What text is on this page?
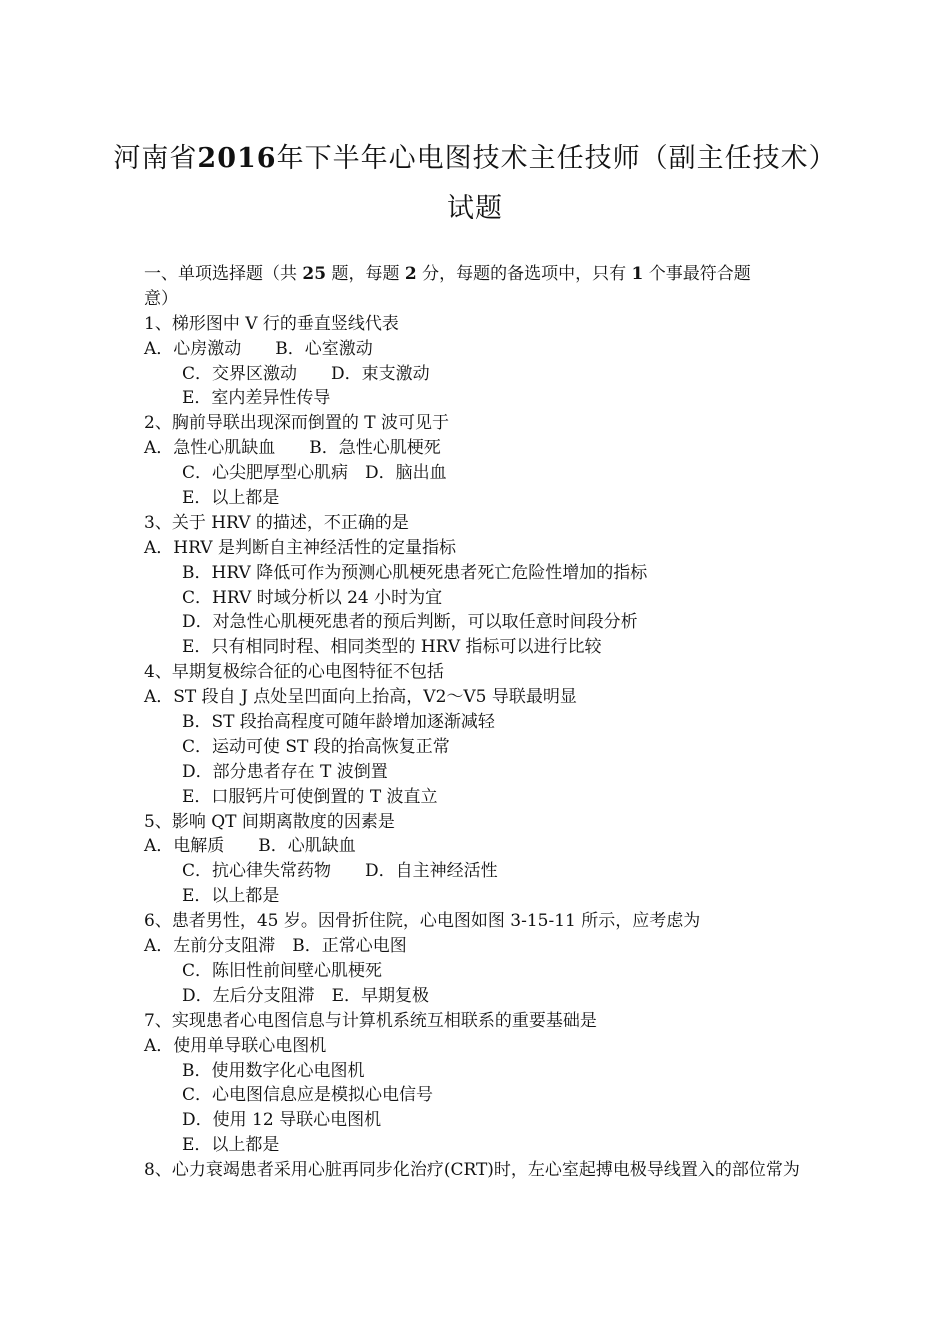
河南省2016年下半年心电图技术主任技师（副主任技术）
试题
一、单项选择题（共 25 题，每题 2 分，每题的备选项中，只有 1 个事最符合题
意）
1、梯形图中 V 行的垂直竖线代表
A．心房激动　　B．心室激动
C．交界区激动　　D．束支激动
E．室内差异性传导
2、胸前导联出现深而倒置的 T 波可见于
A．急性心肌缺血　　B．急性心肌梗死
C．心尖肥厚型心肌病　D．脑出血
E．以上都是
3、关于 HRV 的描述，不正确的是
A．HRV 是判断自主神经活性的定量指标
B．HRV 降低可作为预测心肌梗死患者死亡危险性增加的指标
C．HRV 时域分析以 24 小时为宜
D．对急性心肌梗死患者的预后判断，可以取任意时间段分析
E．只有相同时程、相同类型的 HRV 指标可以进行比较
4、早期复极综合征的心电图特征不包括
A．ST 段自 J 点处呈凹面向上抬高，V2～V5 导联最明显
B．ST 段抬高程度可随年龄增加逐渐减轻
C．运动可使 ST 段的抬高恢复正常
D．部分患者存在 T 波倒置
E．口服钙片可使倒置的 T 波直立
5、影响 QT 间期离散度的因素是
A．电解质　　B．心肌缺血
C．抗心律失常药物　　D．自主神经活性
E．以上都是
6、患者男性，45 岁。因骨折住院，心电图如图 3-15-11 所示，应考虑为
A．左前分支阻滞　B．正常心电图
C．陈旧性前间壁心肌梗死
D．左后分支阻滞　E．早期复极
7、实现患者心电图信息与计算机系统互相联系的重要基础是
A．使用单导联心电图机
B．使用数字化心电图机
C．心电图信息应是模拟心电信号
D．使用 12 导联心电图机
E．以上都是
8、心力衰竭患者采用心脏再同步化治疗(CRT)时，左心室起搏电极导线置入的部位常为
